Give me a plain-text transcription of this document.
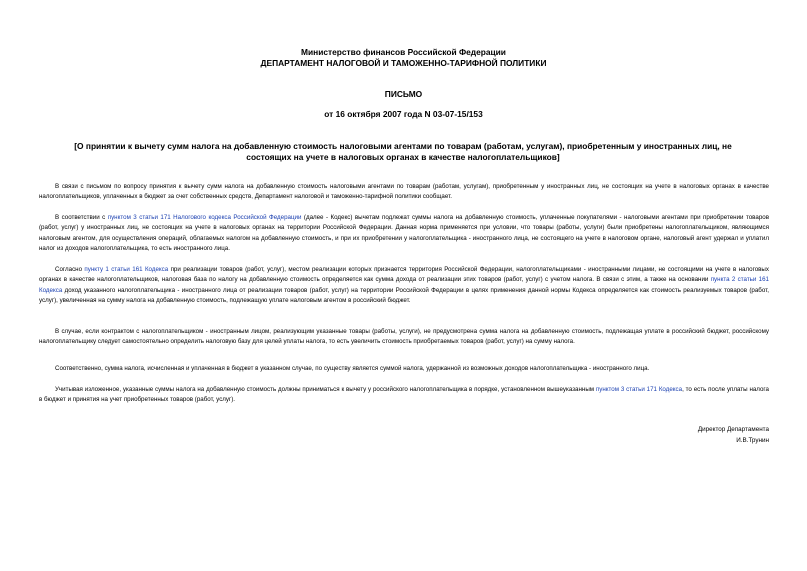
Министерство финансов Российской Федерации
ДЕПАРТАМЕНТ НАЛОГОВОЙ И ТАМОЖЕННО-ТАРИФНОЙ ПОЛИТИКИ
ПИСЬМО
от 16 октября 2007 года N 03-07-15/153
[О принятии к вычету сумм налога на добавленную стоимость налоговыми агентами по товарам (работам, услугам), приобретенным у иностранных лиц, не состоящих на учете в налоговых органах в качестве налогоплательщиков]

В связи с письмом по вопросу принятия к вычету сумм налога на добавленную стоимость налоговыми агентами по товарам (работам, услугам), приобретенным у иностранных лиц, не состоящих на учете в налоговых органах в качестве налогоплательщиков, уплаченных в бюджет за счет собственных средств, Департамент налоговой и таможенно-тарифной политики сообщает.

В соответствии с пунктом 3 статьи 171 Налогового кодекса Российской Федерации (далее - Кодекс) вычетам подлежат суммы налога на добавленную стоимость, уплаченные покупателями - налоговыми агентами при приобретении товаров (работ, услуг) у иностранных лиц, не состоящих на учете в налоговых органах на территории Российской Федерации. Данная норма применяется при условии, что товары (работы, услуги) были приобретены налогоплательщиком, являющимся налоговым агентом, для осуществления операций, облагаемых налогом на добавленную стоимость, и при их приобретении у налогоплательщика - иностранного лица, не состоящего на учете в налоговом органе, налоговый агент удержал и уплатил налог из доходов налогоплательщика, то есть иностранного лица.

Согласно пункту 1 статьи 161 Кодекса при реализации товаров (работ, услуг), местом реализации которых признается территория Российской Федерации, налогоплательщиками - иностранными лицами, не состоящими на учете в налоговых органах в качестве налогоплательщиков, налоговая база по налогу на добавленную стоимость определяется как сумма дохода от реализации этих товаров (работ, услуг) с учетом налога. В связи с этим, а также на основании пункта 2 статьи 161 Кодекса доход указанного налогоплательщика - иностранного лица от реализации товаров (работ, услуг) на территории Российской Федерации в целях применения данной нормы Кодекса определяется как стоимость реализуемых товаров (работ, услуг), увеличенная на сумму налога на добавленную стоимость, подлежащую уплате налоговым агентом в российский бюджет.

В случае, если контрактом с налогоплательщиком - иностранным лицом, реализующим указанные товары (работы, услуги), не предусмотрена сумма налога на добавленную стоимость, подлежащая уплате в российский бюджет, российскому налогоплательщику следует самостоятельно определить налоговую базу для целей уплаты налога, то есть увеличить стоимость приобретаемых товаров (работ, услуг) на сумму налога.

Соответственно, сумма налога, исчисленная и уплаченная в бюджет в указанном случае, по существу является суммой налога, удержанной из возможных доходов налогоплательщика - иностранного лица.

Учитывая изложенное, указанные суммы налога на добавленную стоимость должны приниматься к вычету у российского налогоплательщика в порядке, установленном вышеуказанным пунктом 3 статьи 171 Кодекса, то есть после уплаты налога в бюджет и принятия на учет приобретенных товаров (работ, услуг).

Директор Департамента
И.В.Трунин
